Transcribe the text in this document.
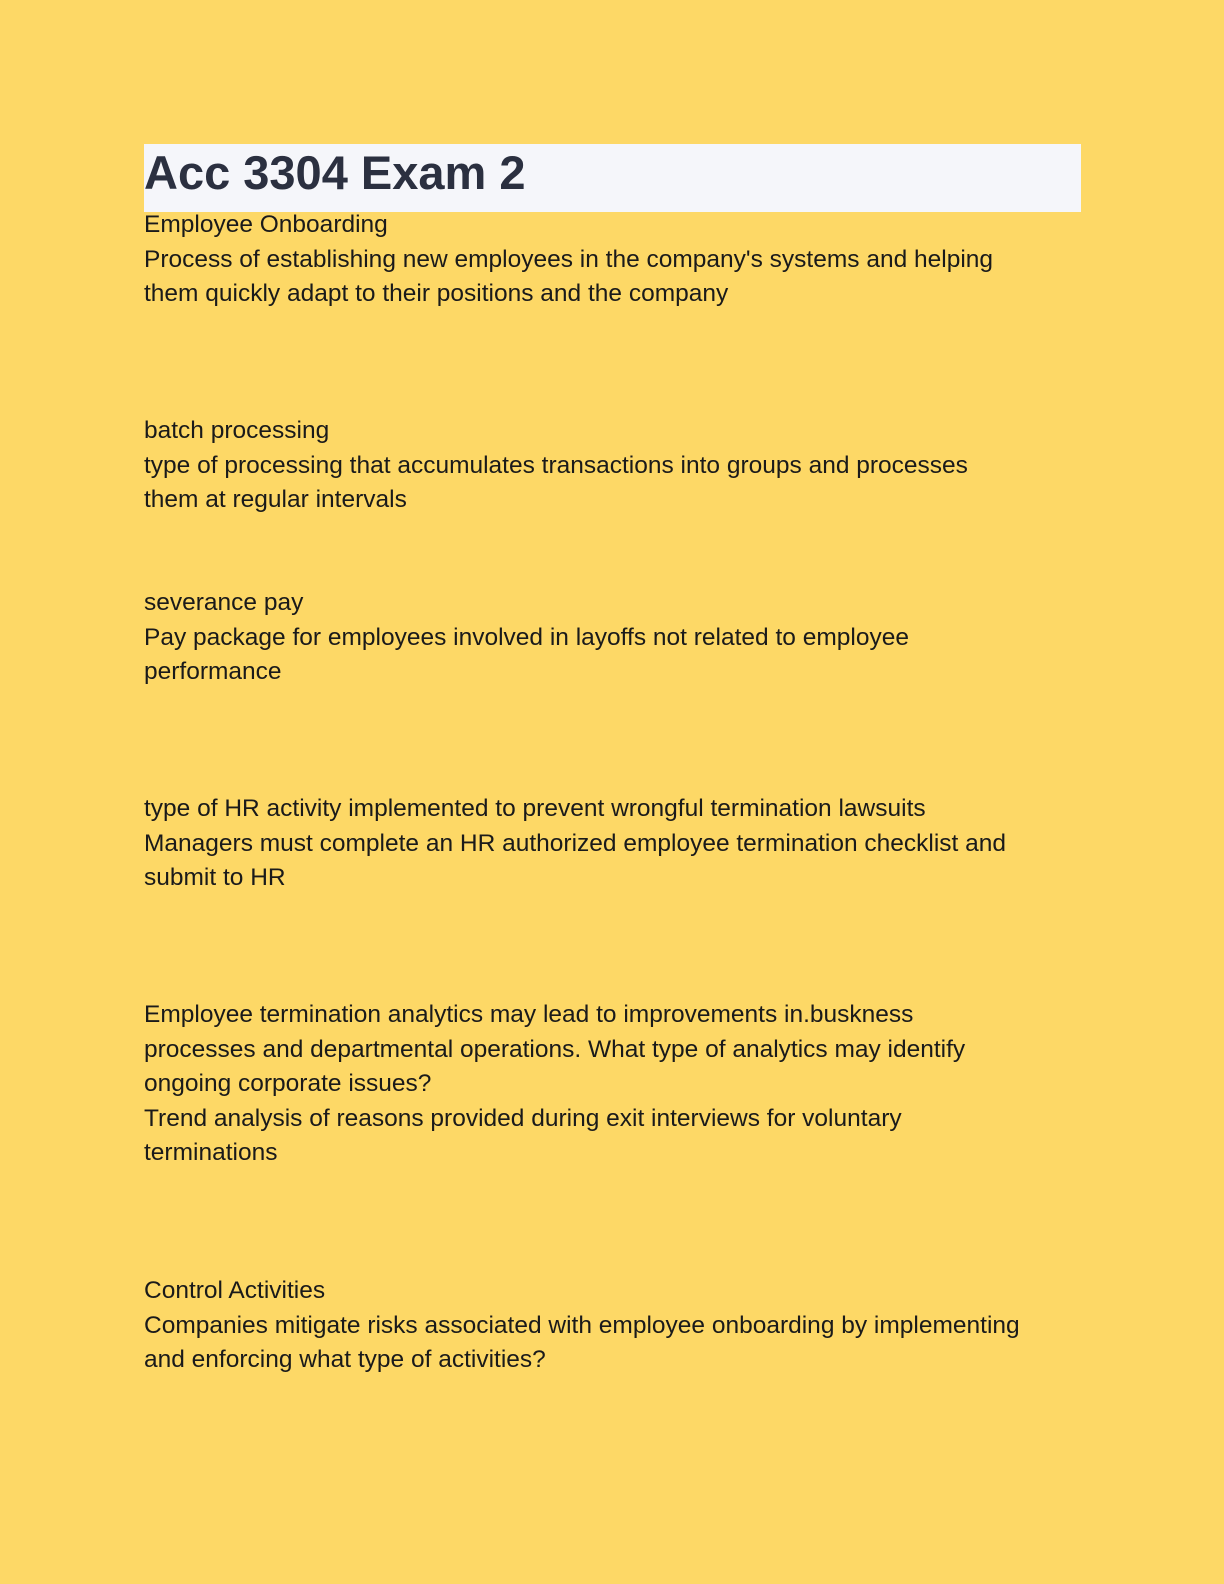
Acc 3304 Exam 2
Employee Onboarding
Process of establishing new employees in the company's systems and helping
them quickly adapt to their positions and the company
batch processing
type of processing that accumulates transactions into groups and processes
them at regular intervals
severance pay
Pay package for employees involved in layoffs not related to employee
performance
type of HR activity implemented to prevent wrongful termination lawsuits
Managers must complete an HR authorized employee termination checklist and
submit to HR
Employee termination analytics may lead to improvements in.buskness
processes and departmental operations. What type of analytics may identify
ongoing corporate issues?
Trend analysis of reasons provided during exit interviews for voluntary
terminations
Control Activities
Companies mitigate risks associated with employee onboarding by implementing
and enforcing what type of activities?
